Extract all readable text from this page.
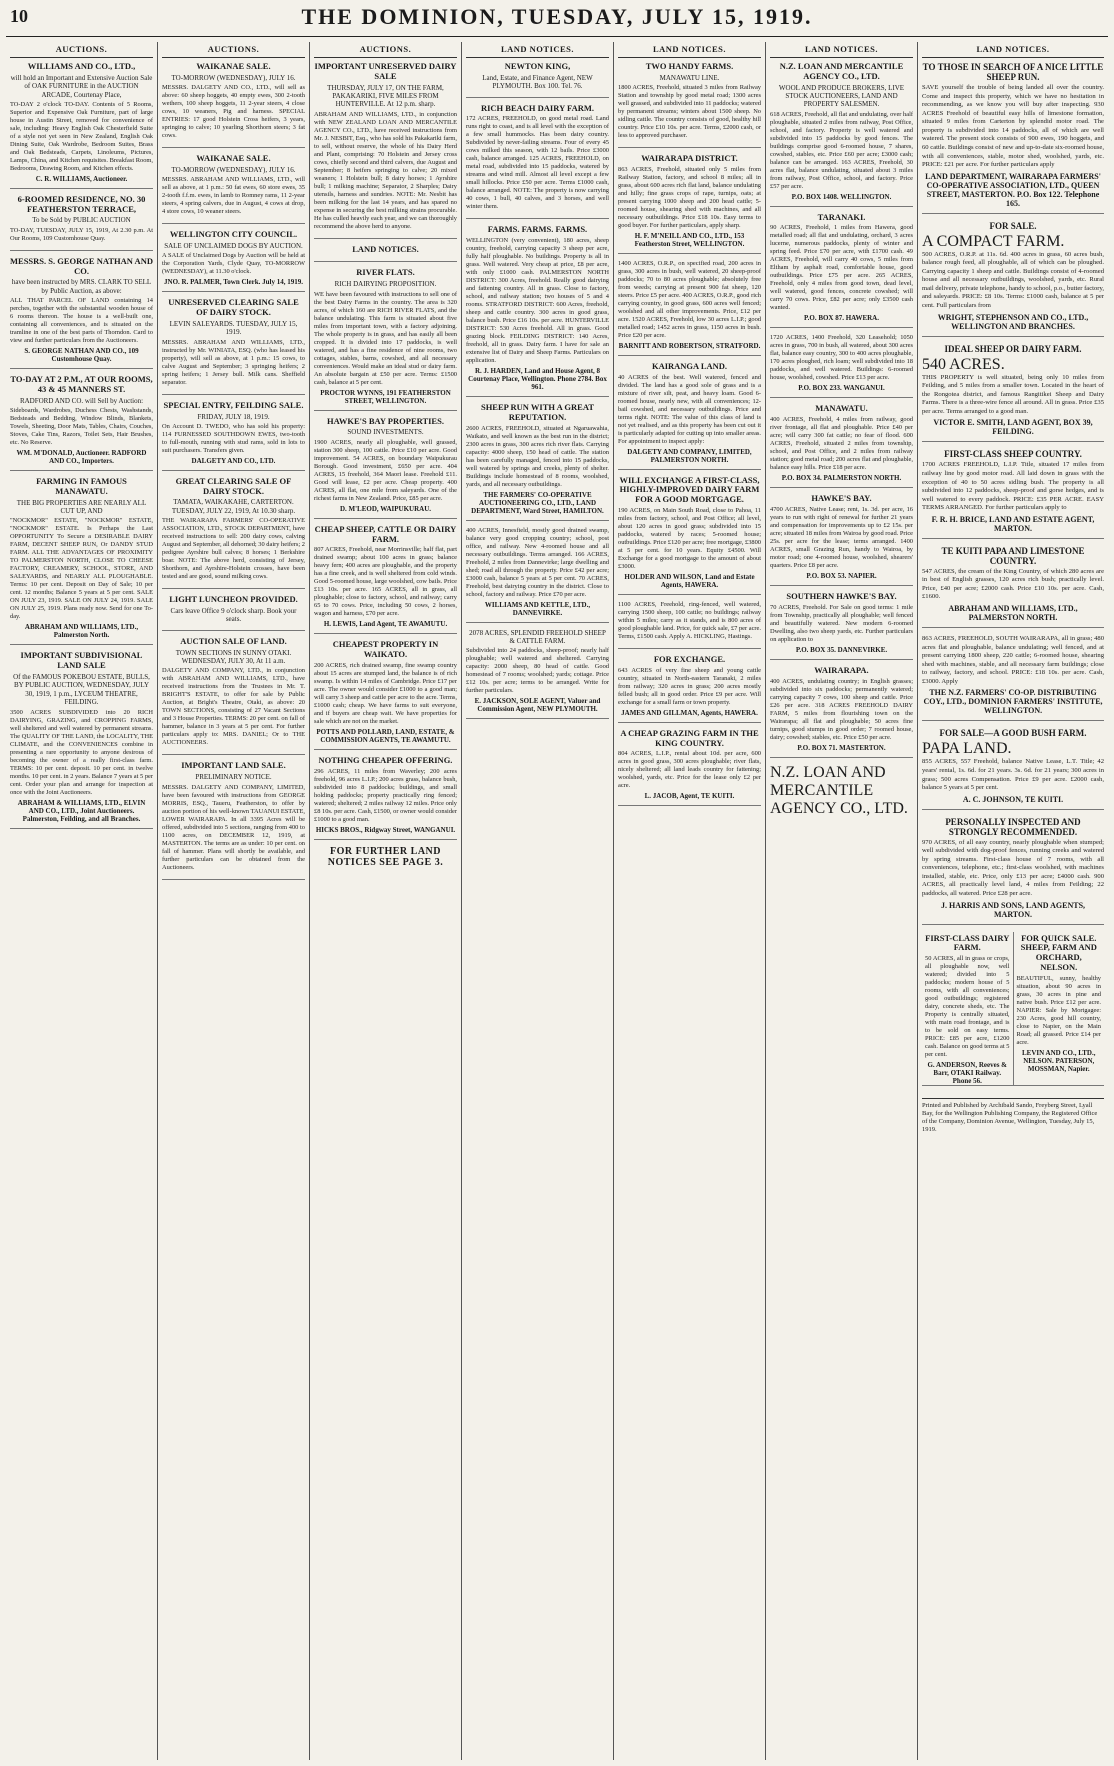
10	THE DOMINION, TUESDAY, JULY 15, 1919.
AUCTIONS.
WILLIAMS AND CO., LTD.,
will hold an Important and Extensive Auction Sale of OAK FURNITURE in the AUCTION ARCADE, Courtenay Place,
TO-DAY 2 o'clock TO-DAY. Contents of 5 Rooms, Superior and Expensive Oak Furniture, part of large house in Austin Street, removed for convenience of sale, including: Heavy English Oak Chesterfield Suite of a style not yet seen in New Zealand, English Oak Dining Suite, Oak Wardrobe, Bedroom Suites, Brass and Oak Bedsteads, Carpets, Linoleums, Pictures, Lamps, China, and Kitchen requisites. Breakfast Room, Bedrooms, Drawing Room, and Kitchen effects.
C. R. WILLIAMS, Auctioneer.
6-ROOMED RESIDENCE, NO. 30 FEATHERSTON TERRACE,
To be Sold by PUBLIC AUCTION
TO-DAY, TUESDAY, JULY 15, 1919, At 2.30 p.m. At Our Rooms, 109 Customhouse Quay.
MESSRS. S. GEORGE NATHAN AND CO.
have been instructed by MRS. CLARK TO SELL by Public Auction, as above:
ALL THAT PARCEL OF LAND containing 14 perches, together with the substantial wooden house of 6 rooms thereon. The house is a well-built one, containing all conveniences, and is situated on the tramline in one of the best parts of Thorndon. Card to view and further particulars from the Auctioneers.
S. GEORGE NATHAN AND CO., 109 Customhouse Quay.
TO-DAY AT 2 P.M., AT OUR ROOMS, 43 & 45 MANNERS ST.
RADFORD AND CO. will Sell by Auction:
Sideboards, Wardrobes, Duchess Chests, Washstands, Bedsteads and Bedding, Window Blinds, Blankets, Towels, Sheeting, Door Mats, Tables, Chairs, Couches, Stoves, Cake Tins, Razors, Toilet Sets, Hair Brushes, etc. No Reserve.
WM. M'DONALD, Auctioneer. RADFORD AND CO., Importers.
FARMING IN FAMOUS MANAWATU.
THE BIG PROPERTIES ARE NEARLY ALL CUT UP, AND
"NOCKMOR" ESTATE, "NOCKMOR" ESTATE, "NOCKMOR" ESTATE. Is Perhaps the Last OPPORTUNITY To Secure a DESIRABLE DAIRY FARM, DECENT SHEEP RUN, Or DANDY STUD FARM. ALL THE ADVANTAGES OF PROXIMITY TO PALMERSTON NORTH, CLOSE TO CHEESE FACTORY, CREAMERY, SCHOOL, STORE, AND SALEYARDS, and NEARLY ALL PLOUGHABLE. Terms: 10 per cent. Deposit on Day of Sale; 10 per cent. 12 months; Balance 5 years at 5 per cent. SALE ON JULY 23, 1919. SALE ON JULY 24, 1919. SALE ON JULY 25, 1919. Plans ready now. Send for one To-day.
ABRAHAM AND WILLIAMS, LTD., Palmerston North.
IMPORTANT SUBDIVISIONAL LAND SALE
Of the FAMOUS POKEBOU ESTATE, BULLS, BY PUBLIC AUCTION, WEDNESDAY, JULY 30, 1919, 1 p.m., LYCEUM THEATRE, FEILDING.
3500 ACRES SUBDIVIDED into 20 RICH DAIRYING, GRAZING, and CROPPING FARMS, well sheltered and well watered by permanent streams. The QUALITY OF THE LAND, the LOCALITY, THE CLIMATE, and the CONVENIENCES combine in presenting a rare opportunity to anyone desirous of becoming the owner of a really first-class farm. TERMS: 10 per cent. deposit. 10 per cent. in twelve months. 10 per cent. in 2 years. Balance 7 years at 5 per cent. Order your plan and arrange for inspection at once with the Joint Auctioneers.
ABRAHAM & WILLIAMS, LTD., ELVIN AND CO., LTD., Joint Auctioneers. Palmerston, Feilding, and all Branches.
AUCTIONS.
WAIKANAE SALE.
TO-MORROW (WEDNESDAY), JULY 16.
MESSRS. DALGETY AND CO., LTD., will sell as above: 60 sheep hoggets, 40 empty ewes, 300 2-tooth wethers, 100 sheep hoggets, 11 2-year steers, 4 close cows, 10 weaners, Pig and harness. SPECIAL ENTRIES: 17 good Holstein Cross heifers, 3 years, springing to calve; 10 yearling Shorthorn steers; 3 fat cows.
WAIKANAE SALE.
TO-MORROW (WEDNESDAY), JULY 16.
MESSRS. ABRAHAM AND WILLIAMS, LTD., will sell as above, at 1 p.m.: 50 fat ewes, 60 store ewes, 35 2-tooth f.f.m. ewes, in lamb to Romney rams, 11 2-year steers, 4 spring calvers, due in August, 4 cows at drop, 4 store cows, 10 weaner steers.
WELLINGTON CITY COUNCIL.
SALE OF UNCLAIMED DOGS BY AUCTION.
A SALE of Unclaimed Dogs by Auction will be held at the Corporation Yards, Clyde Quay, TO-MORROW (WEDNESDAY), at 11.30 o'clock.
JNO. R. PALMER, Town Clerk. July 14, 1919.
UNRESERVED CLEARING SALE OF DAIRY STOCK.
LEVIN SALEYARDS. TUESDAY, JULY 15, 1919.
MESSRS. ABRAHAM AND WILLIAMS, LTD., instructed by Mr. WINIATA, ESQ. (who has leased his property), will sell as above, at 1 p.m.: 15 cows, to calve August and September; 3 springing heifers; 2 spring heifers; 1 Jersey bull. Milk cans. Sheffield separator.
SPECIAL ENTRY, FEILDING SALE.
FRIDAY, JULY 18, 1919.
On Account D. TWEDO, who has sold his property: 114 FURNESSED SOUTHDOWN EWES, two-tooth to full-mouth, running with stud rams, sold in lots to suit purchasers. Transfers given.
DALGETY AND CO., LTD.
GREAT CLEARING SALE OF DAIRY STOCK.
TAMATA, WAIKAKAHE, CARTERTON. TUESDAY, JULY 22, 1919, At 10.30 sharp.
THE WAIRARAPA FARMERS' CO-OPERATIVE ASSOCIATION, LTD., STOCK DEPARTMENT, have received instructions to sell: 200 dairy cows, calving August and September, all dehorned; 30 dairy heifers; 2 pedigree Ayrshire bull calves; 8 horses; 1 Berkshire boar. NOTE: The above herd, consisting of Jersey, Shorthorn, and Ayrshire-Holstein crosses, have been tested and are good, sound milking cows.
LIGHT LUNCHEON PROVIDED.
Cars leave Office 9 o'clock sharp. Book your seats.
AUCTION SALE OF LAND.
TOWN SECTIONS IN SUNNY OTAKI. WEDNESDAY, JULY 30, At 11 a.m.
DALGETY AND COMPANY, LTD., in conjunction with ABRAHAM AND WILLIAMS, LTD., have received instructions from the Trustees in Mr. T. BRIGHT'S ESTATE, to offer for sale by Public Auction, at Bright's Theatre, Otaki, as above: 20 TOWN SECTIONS, consisting of 27 Vacant Sections and 3 House Properties. TERMS: 20 per cent. on fall of hammer, balance in 3 years at 5 per cent. For further particulars apply to: MRS. DANIEL; Or to THE AUCTIONEERS.
IMPORTANT LAND SALE.
PRELIMINARY NOTICE.
MESSRS. DALGETY AND COMPANY, LIMITED, have been favoured with instructions from GEORGE MORRIS, ESQ., Taueru, Featherston, to offer by auction portion of his well-known TAUANUI ESTATE, LOWER WAIRARAPA. In all 3395 Acres will be offered, subdivided into 5 sections, ranging from 400 to 1100 acres, on DECEMBER 12, 1919, at MASTERTON. The terms are as under: 10 per cent. on fall of hammer. Plans will shortly be available, and further particulars can be obtained from the Auctioneers.
AUCTIONS.
IMPORTANT UNRESERVED DAIRY SALE
THURSDAY, JULY 17, ON THE FARM, PAKAKARIKI, FIVE MILES FROM HUNTERVILLE. At 12 p.m. sharp.
ABRAHAM AND WILLIAMS, LTD., in conjunction with NEW ZEALAND LOAN AND MERCANTILE AGENCY CO., LTD., have received instructions from Mr. J. NESBIT, Esq., who has sold his Pakakariki farm, to sell, without reserve, the whole of his Dairy Herd and Plant, comprising: 70 Holstein and Jersey cross cows, chiefly second and third calvers, due August and September; 8 heifers springing to calve; 20 mixed weaners; 1 Holstein bull; 8 dairy horses; 1 Ayrshire bull; 1 milking machine; Separator, 2 Sharples; Dairy utensils, harness and sundries. NOTE: Mr. Nesbit has been milking for the last 14 years, and has spared no expense in securing the best milking strains procurable. He has culled heavily each year, and we can thoroughly recommend the above herd to anyone.
LAND NOTICES.
RIVER FLATS.
RICH DAIRYING PROPOSITION.
WE have been favoured with instructions to sell one of the best Dairy Farms in the country. The area is 320 acres, of which 160 are RICH RIVER FLATS, and the balance undulating. This farm is situated about five miles from important town, with a factory adjoining. The whole property is in grass, and has easily all been cropped. It is divided into 17 paddocks, is well watered, and has a fine residence of nine rooms, two cottages, stables, barns, cowshed, and all necessary conveniences. Would make an ideal stud or dairy farm. An absolute bargain at £50 per acre. Terms: £1500 cash, balance at 5 per cent.
PROCTOR WYNNS, 191 FEATHERSTON STREET, WELLINGTON.
HAWKE'S BAY PROPERTIES.
SOUND INVESTMENTS.
1900 ACRES, nearly all ploughable, well grassed, station 300 sheep, 100 cattle. Price £10 per acre. Good improvement. 54 ACRES, on boundary Waipukurau Borough. Good investment, £650 per acre. 404 ACRES, 15 freehold, 364 Maori lease. Freehold £11. Good will lease, £2 per acre. Cheap property. 400 ACRES, all flat, one mile from saleyards. One of the richest farms in New Zealand. Price, £85 per acre.
D. M'LEOD, WAIPUKURAU.
CHEAP SHEEP, CATTLE OR DAIRY FARM.
807 ACRES, Freehold, near Morrinsville; half flat, part drained swamp; about 100 acres in grass; balance heavy fern; 400 acres are ploughable, and the property has a fine creek, and is well sheltered from cold winds. Good 5-roomed house, large woolshed, cow bails. Price £13 10s. per acre. 165 ACRES, all in grass, all ploughable; close to factory, school, and railway; carry 65 to 70 cows. Price, including 50 cows, 2 horses, wagon and harness, £70 per acre.
H. LEWIS, Land Agent, TE AWAMUTU.
CHEAPEST PROPERTY IN WAIKATO.
200 ACRES, rich drained swamp, fine swamp country about 15 acres are stumped land, the balance is of rich swamp. Is within 14 miles of Cambridge. Price £17 per acre. The owner would consider £1000 to a good man; will carry 3 sheep and cattle per acre to the acre. Terms, £1000 cash; cheap. We have farms to suit everyone, and if buyers are cheap wait. We have properties for sale which are not on the market.
POTTS AND POLLARD, LAND, ESTATE, & COMMISSION AGENTS, TE AWAMUTU.
NOTHING CHEAPER OFFERING.
296 ACRES, 11 miles from Waverley; 200 acres freehold, 96 acres L.I.P.; 200 acres grass, balance bush, subdivided into 8 paddocks; buildings, and small holding paddocks; property practically ring fenced; watered; sheltered; 2 miles railway 12 miles. Price only £8 10s. per acre. Cash, £1500, or owner would consider £1000 to a good man.
HICKS BROS., Ridgway Street, WANGANUI.
FOR FURTHER LAND NOTICES SEE PAGE 3.
LAND NOTICES.
NEWTON KING,
Land, Estate, and Finance Agent, NEW PLYMOUTH. Box 100. Tel. 76.
RICH BEACH DAIRY FARM.
172 ACRES, FREEHOLD, on good metal road. Land runs right to coast, and is all level with the exception of a few small hummocks. Has been dairy country. Subdivided by never-failing streams. Four of every 45 cows milked this season, with 12 bails. Price £3000 cash, balance arranged. 125 ACRES, FREEHOLD, on metal road, subdivided into 15 paddocks, watered by streams and wind mill. Almost all level except a few small hillocks. Price £50 per acre. Terms £1000 cash, balance arranged. NOTE: The property is now carrying 40 cows, 1 bull, 40 calves, and 3 horses, and well winter them.
FARMS. FARMS. FARMS.
WELLINGTON (very convenient), 180 acres, sheep country, freehold, carrying capacity 3 sheep per acre, fully half ploughable. No buildings. Property is all in grass. Well watered. Very cheap at price, £8 per acre, with only £1000 cash. PALMERSTON NORTH DISTRICT: 300 Acres, freehold. Really good dairying and fattening country. All in grass. Close to factory, school, and railway station; two houses of 5 and 4 rooms. STRATFORD DISTRICT: 600 Acres, freehold, sheep and cattle country. 300 acres in good grass, balance bush. Price £16 10s. per acre. HUNTERVILLE DISTRICT: 530 Acres freehold. All in grass. Good grazing block. FEILDING DISTRICT: 140 Acres, freehold, all in grass. Dairy farm. I have for sale an extensive list of Dairy and Sheep Farms. Particulars on application.
R. J. HARDEN, Land and House Agent, 8 Courtenay Place, Wellington. Phone 2784. Box 961.
SHEEP RUN WITH A GREAT REPUTATION.
2600 ACRES, FREEHOLD, situated at Ngaruawahia, Waikato, and well known as the best run in the district; 2300 acres in grass, 300 acres rich river flats. Carrying capacity: 4000 sheep, 150 head of cattle. The station has been carefully managed, fenced into 15 paddocks, well watered by springs and creeks, plenty of shelter. Buildings include homestead of 8 rooms, woolshed, yards, and all necessary outbuildings.
THE FARMERS' CO-OPERATIVE AUCTIONEERING CO., LTD., LAND DEPARTMENT, Ward Street, HAMILTON.
400 ACRES, Innesfield, mostly good drained swamp, balance very good cropping country; school, post office, and railway. New 4-roomed house and all necessary outbuildings. Terms arranged. 166 ACRES, Freehold, 2 miles from Dannevirke; large dwelling and shed; road all through the property. Price £42 per acre; £3000 cash, balance 5 years at 5 per cent. 70 ACRES, Freehold, best dairying country in the district. Close to school, factory and railway. Price £70 per acre.
WILLIAMS AND KETTLE, LTD., DANNEVIRKE.
2078 ACRES, SPLENDID FREEHOLD SHEEP & CATTLE FARM.
Subdivided into 24 paddocks, sheep-proof; nearly half ploughable; well watered and sheltered. Carrying capacity: 2000 sheep, 80 head of cattle. Good homestead of 7 rooms; woolshed; yards; cottage. Price £12 10s. per acre; terms to be arranged. Write for further particulars.
E. JACKSON, SOLE AGENT, Valuer and Commission Agent, NEW PLYMOUTH.
LAND NOTICES.
TWO HANDY FARMS.
MANAWATU LINE.
1800 ACRES, Freehold, situated 3 miles from Railway Station and township by good metal road; 1300 acres well grassed, and subdivided into 11 paddocks; watered by permanent streams; winters about 1500 sheep. No sidling cattle. The country consists of good, healthy hill country. Price £10 10s. per acre. Terms, £2000 cash, or less to approved purchaser.
WAIRARAPA DISTRICT.
863 ACRES, Freehold, situated only 5 miles from Railway Station, factory, and school 8 miles; all in grass, about 600 acres rich flat land, balance undulating and hilly; fine grass crops of rape, turnips, oats; at present carrying 1000 sheep and 200 head cattle; 5-roomed house, shearing shed with machines, and all necessary outbuildings. Price £18 10s. Easy terms to good buyer. For further particulars, apply sharp.
H. F. M'NEILL AND CO., LTD., 153 Featherston Street, WELLINGTON.
1400 ACRES, O.R.P., on specified road, 200 acres in grass, 300 acres in bush, well watered, 20 sheep-proof paddocks; 70 to 80 acres ploughable; absolutely free from weeds; carrying at present 900 fat sheep, 120 steers. Price £5 per acre. 400 ACRES, O.R.P., good rich carrying country, in good grass, 600 acres well fenced; woolshed and all other improvements. Price, £12 per acre. 1520 ACRES, Freehold, low 30 acres L.I.P.; good metalled road; 1452 acres in grass, 1150 acres in bush. Price £20 per acre.
BARNITT AND ROBERTSON, STRATFORD.
KAIRANGA LAND.
40 ACRES of the best. Well watered, fenced and divided. The land has a good sole of grass and is a mixture of river silt, peat, and heavy loam. Good 6-roomed house, nearly new, with all conveniences; 12-bail cowshed, and necessary outbuildings. Price and terms right. NOTE: The value of this class of land is not yet realised, and as this property has been cut out it is particularly adapted for cutting up into smaller areas. For appointment to inspect apply:
DALGETY AND COMPANY, LIMITED, PALMERSTON NORTH.
WILL EXCHANGE A FIRST-CLASS, HIGHLY-IMPROVED DAIRY FARM FOR A GOOD MORTGAGE.
190 ACRES, on Main South Road, close to Pahoa, 11 miles from factory, school, and Post Office; all level, about 120 acres in good grass; subdivided into 15 paddocks, watered by races; 5-roomed house; outbuildings. Price £120 per acre; free mortgage, £3800 at 5 per cent. for 10 years. Equity £4500. Will Exchange for a good mortgage to the amount of about £3000.
HOLDER AND WILSON, Land and Estate Agents, HAWERA.
1100 ACRES, Freehold, ring-fenced, well watered, carrying 1500 sheep, 100 cattle; no buildings; railway within 5 miles; carry as it stands, and is 800 acres of good ploughable land. Price, for quick sale, £7 per acre. Terms, £1500 cash. Apply A. HICKLING, Hastings.
FOR EXCHANGE.
643 ACRES of very fine sheep and young cattle country, situated in North-eastern Taranaki, 2 miles from railway; 320 acres in grass; 200 acres mostly felled bush; all in good order. Price £9 per acre. Will exchange for a small farm or town property.
JAMES AND GILLMAN, Agents, HAWERA.
A CHEAP GRAZING FARM IN THE KING COUNTRY.
804 ACRES, L.I.P., rental about 10d. per acre, 600 acres in good grass, 300 acres ploughable; river flats, nicely sheltered; all land leads country for fattening; woolshed, yards, etc. Price for the lease only £2 per acre.
L. JACOB, Agent, TE KUITI.
LAND NOTICES.
N.Z. LOAN AND MERCANTILE AGENCY CO., LTD.
WOOL AND PRODUCE BROKERS, LIVE STOCK AUCTIONEERS, LAND AND PROPERTY SALESMEN.
618 ACRES, Freehold, all flat and undulating, over half ploughable, situated 2 miles from railway, Post Office, school, and factory. Property is well watered and subdivided into 15 paddocks by good fences. The buildings comprise good 6-roomed house, 7 shares, cowshed, stables, etc. Price £60 per acre; £3000 cash; balance can be arranged. 163 ACRES, Freehold, 30 acres flat, balance undulating, situated about 3 miles from railway, Post Office, school, and factory. Price £57 per acre.
P.O. BOX 1408. WELLINGTON.
TARANAKI.
90 ACRES, Freehold, 1 miles from Hawera, good metalled road; all flat and undulating, orchard, 3 acres lucerne, numerous paddocks, plenty of winter and spring feed. Price £70 per acre, with £1700 cash. 49 ACRES, Freehold, will carry 40 cows, 5 miles from Eltham by asphalt road, comfortable house, good outbuildings. Price £75 per acre. 265 ACRES, Freehold, only 4 miles from good town, dead level, well watered, good fences, concrete cowshed; will carry 70 cows. Price, £82 per acre; only £3500 cash wanted.
P.O. BOX 87. HAWERA.
1720 ACRES, 1400 Freehold, 320 Leasehold; 1050 acres in grass, 700 in bush, all watered, about 300 acres flat, balance easy country, 300 to 400 acres ploughable, 170 acres ploughed, rich loam; well subdivided into 18 paddocks, and well watered. Buildings: 6-roomed house, woolshed, cowshed. Price £13 per acre.
P.O. BOX 233. WANGANUI.
MANAWATU.
400 ACRES, Freehold, 4 miles from railway, good river frontage, all flat and ploughable. Price £40 per acre; will carry 300 fat cattle; no fear of flood. 600 ACRES, Freehold, situated 2 miles from township, school, and Post Office, and 2 miles from railway station; good metal road; 200 acres flat and ploughable, balance easy hills. Price £18 per acre.
P.O. BOX 34. PALMERSTON NORTH.
HAWKE'S BAY.
4700 ACRES, Native Lease; rent, 1s. 3d. per acre, 16 years to run with right of renewal for further 21 years and compensation for improvements up to £2 15s. per acre; situated 18 miles from Wairoa by good road. Price 25s. per acre for the lease; terms arranged. 1400 ACRES, small Grazing Run, handy to Wairoa, by motor road; one 4-roomed house, woolshed, shearers' quarters. Price £8 per acre.
P.O. BOX 53. NAPIER.
SOUTHERN HAWKE'S BAY.
70 ACRES, Freehold. For Sale on good terms: 1 mile from Township, practically all ploughable; well fenced and beautifully watered. New modern 6-roomed Dwelling, also two sheep yards, etc. Further particulars on application to
P.O. BOX 35. DANNEVIRKE.
WAIRARAPA.
400 ACRES, undulating country; in English grasses; subdivided into six paddocks; permanently watered; carrying capacity 7 cows, 100 sheep and cattle. Price £26 per acre. 318 ACRES FREEHOLD DAIRY FARM, 5 miles from flourishing town on the Wairarapa; all flat and ploughable; 50 acres fine turnips, good stumps in good order; 7 roomed house, dairy; cowshed; stables, etc. Price £50 per acre.
P.O. BOX 71. MASTERTON.
N.Z. LOAN AND MERCANTILE AGENCY CO., LTD.
LAND NOTICES.
TO THOSE IN SEARCH OF A NICE LITTLE SHEEP RUN.
SAVE yourself the trouble of being landed all over the country. Come and inspect this property, which we have no hesitation in recommending, as we know you will buy after inspecting. 930 ACRES Freehold of beautiful easy hills of limestone formation, situated 9 miles from Carterton by splendid motor road. The property is subdivided into 14 paddocks, all of which are well watered. The present stock consists of 900 ewes, 190 hoggets, and 60 cattle. Buildings consist of new and up-to-date six-roomed house, with all conveniences, stable, motor shed, woolshed, yards, etc. PRICE: £21 per acre. For further particulars apply
LAND DEPARTMENT, WAIRARAPA FARMERS' CO-OPERATIVE ASSOCIATION, LTD., QUEEN STREET, MASTERTON. P.O. Box 122. Telephone 165.
FOR SALE.
A COMPACT FARM.
500 ACRES, O.R.P. at 11s. 6d. 400 acres in grass, 60 acres bush, balance rough feed, all ploughable, all of which can be ploughed. Carrying capacity 1 sheep and cattle. Buildings consist of 4-roomed house and all necessary outbuildings, woolshed, yards, etc. Rural mail delivery, private telephone, handy to school, p.o., butter factory, and saleyards. PRICE: £8 10s. Terms: £1000 cash, balance at 5 per cent. Full particulars from
WRIGHT, STEPHENSON AND CO., LTD., WELLINGTON AND BRANCHES.
IDEAL SHEEP OR DAIRY FARM.
540 ACRES.
THIS PROPERTY is well situated, being only 10 miles from Feilding, and 5 miles from a smaller town. Located in the heart of the Rongotea district, and famous Rangitikei Sheep and Dairy Farms. There is a three-wire fence all around. All in grass. Price £35 per acre. Terms arranged to a good man.
VICTOR E. SMITH, LAND AGENT, BOX 39, FEILDING.
FIRST-CLASS SHEEP COUNTRY.
1700 ACRES FREEHOLD, L.I.P. Title, situated 17 miles from railway line by good motor road. All laid down in grass with the exception of 40 to 50 acres sidling bush. The property is all subdivided into 12 paddocks, sheep-proof and gorse hedges, and is well watered to every paddock. PRICE: £35 PER ACRE. EASY TERMS ARRANGED. For further particulars apply to
F. R. H. BRICE, LAND AND ESTATE AGENT, MARTON.
TE KUITI PAPA AND LIMESTONE COUNTRY.
547 ACRES, the cream of the King Country, of which 280 acres are in best of English grasses, 120 acres rich bush; practically level. Price, £40 per acre; £2000 cash. Price £10 10s. per acre. Cash, £1600.
ABRAHAM AND WILLIAMS, LTD., PALMERSTON NORTH.
863 ACRES, FREEHOLD, SOUTH WAIRARAPA, all in grass; 480 acres flat and ploughable, balance undulating; well fenced, and at present carrying 1800 sheep, 220 cattle; 6-roomed house, shearing shed with machines, stable, and all necessary farm buildings; close to railway, factory, and school. PRICE: £18 10s. per acre. Cash, £3000. Apply
THE N.Z. FARMERS' CO-OP. DISTRIBUTING COY., LTD., DOMINION FARMERS' INSTITUTE, WELLINGTON.
FOR SALE—A GOOD BUSH FARM.
PAPA LAND.
855 ACRES, 557 Freehold, balance Native Lease, L.T. Title; 42 years' rental, 1s. 6d. for 21 years. 3s. 6d. for 21 years; 300 acres in grass; 500 acres Compensation. Price £9 per acre. £2000 cash, balance 5 years at 5 per cent.
A. C. JOHNSON, TE KUITI.
PERSONALLY INSPECTED AND STRONGLY RECOMMENDED.
970 ACRES, of all easy country, nearly ploughable when stumped; well subdivided with dog-proof fences, running creeks and watered by spring streams. First-class house of 7 rooms, with all conveniences, telephone, etc.; first-class woolshed, with machines installed, stable, etc. Price, only £13 per acre; £4000 cash. 900 ACRES, all practically level land, 4 miles from Feilding; 22 paddocks, all watered. Price £28 per acre.
J. HARRIS AND SONS, LAND AGENTS, MARTON.
FIRST-CLASS DAIRY FARM.
50 ACRES, all in grass or crops, all ploughable now, well watered; divided into 5 paddocks; modern house of 5 rooms, with all conveniences; good outbuildings; registered dairy, concrete sheds, etc. The Property is centrally situated, with main road frontage, and is to be sold on easy terms. PRICE: £85 per acre, £1200 cash. Balance on good terms at 5 per cent.
G. ANDERSON, Reeves & Barr, OTAKI Railway. Phone 56.
FOR QUICK SALE. SHEEP, FARM AND ORCHARD, NELSON.
BEAUTIFUL, sunny, healthy situation, about 90 acres in grass, 30 acres in pine and native bush. Price £12 per acre. NAPIER: Sale by Mortgagee: 230 Acres, good hill country, close to Napier, on the Main Road; all grassed. Price £14 per acre.
LEVIN AND CO., LTD., NELSON. PATERSON, MOSSMAN, Napier.
Printed and Published by Archibald Sando, Freyberg Street, Lyall Bay, for the Wellington Publishing Company, the Registered Office of the Company, Dominion Avenue, Wellington, Tuesday, July 15, 1919.
